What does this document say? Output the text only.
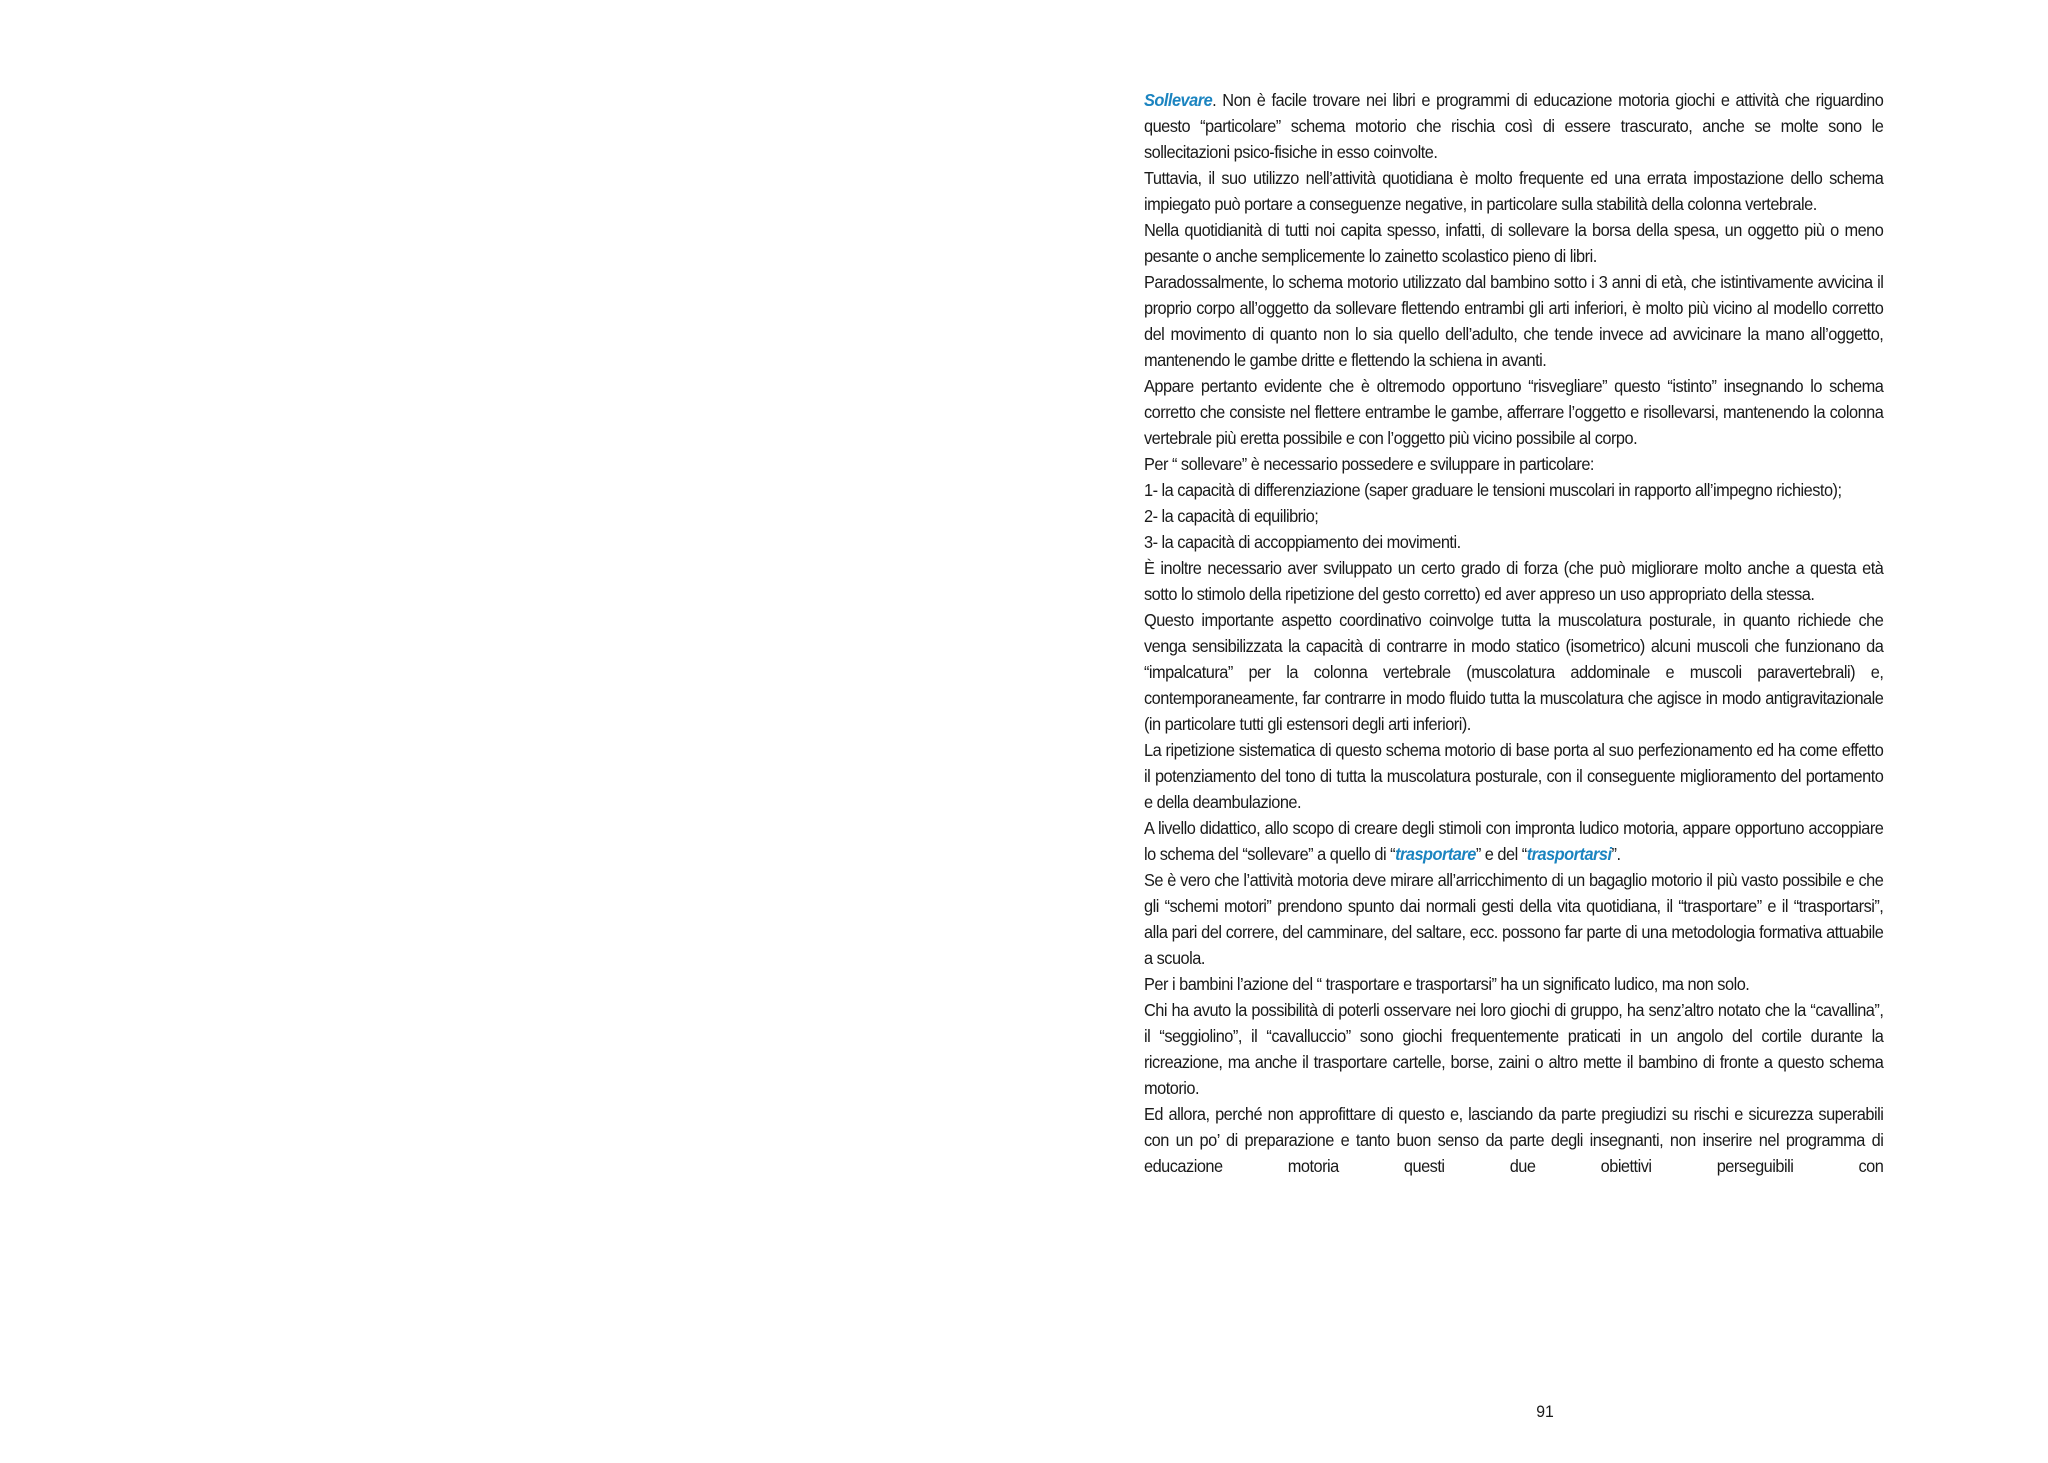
Sollevare. Non è facile trovare nei libri e programmi di educazione motoria giochi e attività che riguardino questo “particolare” schema motorio che rischia così di essere trascurato, anche se molte sono le sollecitazioni psico-fisiche in esso coinvolte.

Tuttavia, il suo utilizzo nell’attività quotidiana è molto frequente ed una errata impostazione dello schema impiegato può portare a conseguenze negative, in particolare sulla stabilità della colonna vertebrale.

Nella quotidianità di tutti noi capita spesso, infatti, di sollevare la borsa della spesa, un oggetto più o meno pesante o anche semplicemente lo zainetto scolastico pieno di libri.

Paradossalmente, lo schema motorio utilizzato dal bambino sotto i 3 anni di età, che istintivamente avvicina il proprio corpo all’oggetto da sollevare flettendo entrambi gli arti inferiori, è molto più vicino al modello corretto del movimento di quanto non lo sia quello dell’adulto, che tende invece ad avvicinare la mano all’oggetto, mantenendo le gambe dritte e flettendo la schiena in avanti.

Appare pertanto evidente che è oltremodo opportuno “risvegliare” questo “istinto” insegnando lo schema corretto che consiste nel flettere entrambe le gambe, afferrare l’oggetto e risollevarsi, mantenendo la colonna vertebrale più eretta possibile e con l’oggetto più vicino possibile al corpo.

Per “ sollevare” è necessario possedere e sviluppare in particolare:

1- la capacità di differenziazione (saper graduare le tensioni muscolari in rapporto all’impegno richiesto);

2- la capacità di equilibrio;

3- la capacità di accoppiamento dei movimenti.

È inoltre necessario aver sviluppato un certo grado di forza (che può migliorare molto anche a questa età sotto lo stimolo della ripetizione del gesto corretto) ed aver appreso un uso appropriato della stessa.

Questo importante aspetto coordinativo coinvolge tutta la muscolatura posturale, in quanto richiede che venga sensibilizzata la capacità di contrarre in modo statico (isometrico) alcuni muscoli che funzionano da “impalcatura” per la colonna vertebrale (muscolatura addominale e muscoli paravertebrali) e, contemporaneamente, far contrarre in modo fluido tutta la muscolatura che agisce in modo antigravitazionale (in particolare tutti gli estensori degli arti inferiori).

La ripetizione sistematica di questo schema motorio di base porta al suo perfezionamento ed ha come effetto il potenziamento del tono di tutta la muscolatura posturale, con il conseguente miglioramento del portamento e della deambulazione.

A livello didattico, allo scopo di creare degli stimoli con impronta ludico motoria, appare opportuno accoppiare lo schema del “sollevare” a quello di “trasportare” e del “trasportarsi”.

Se è vero che l’attività motoria deve mirare all’arricchimento di un bagaglio motorio il più vasto possibile e che gli “schemi motori” prendono spunto dai normali gesti della vita quotidiana, il “trasportare” e il “trasportarsi”, alla pari del correre, del camminare, del saltare, ecc. possono far parte di una metodologia formativa attuabile a scuola.

Per i bambini l’azione del “ trasportare e trasportarsi” ha un significato ludico, ma non solo.

Chi ha avuto la possibilità di poterli osservare nei loro giochi di gruppo, ha senz’altro notato che la “cavallina”, il “seggiolino”, il “cavalluccio” sono giochi frequentemente praticati in un angolo del cortile durante la ricreazione, ma anche il trasportare cartelle, borse, zaini o altro mette il bambino di fronte a questo schema motorio.

Ed allora, perché non approfittare di questo e, lasciando da parte pregiudizi su rischi e sicurezza superabili con un po’ di preparazione e tanto buon senso da parte degli insegnanti, non inserire nel programma di educazione motoria questi due obiettivi perseguibili con

91
